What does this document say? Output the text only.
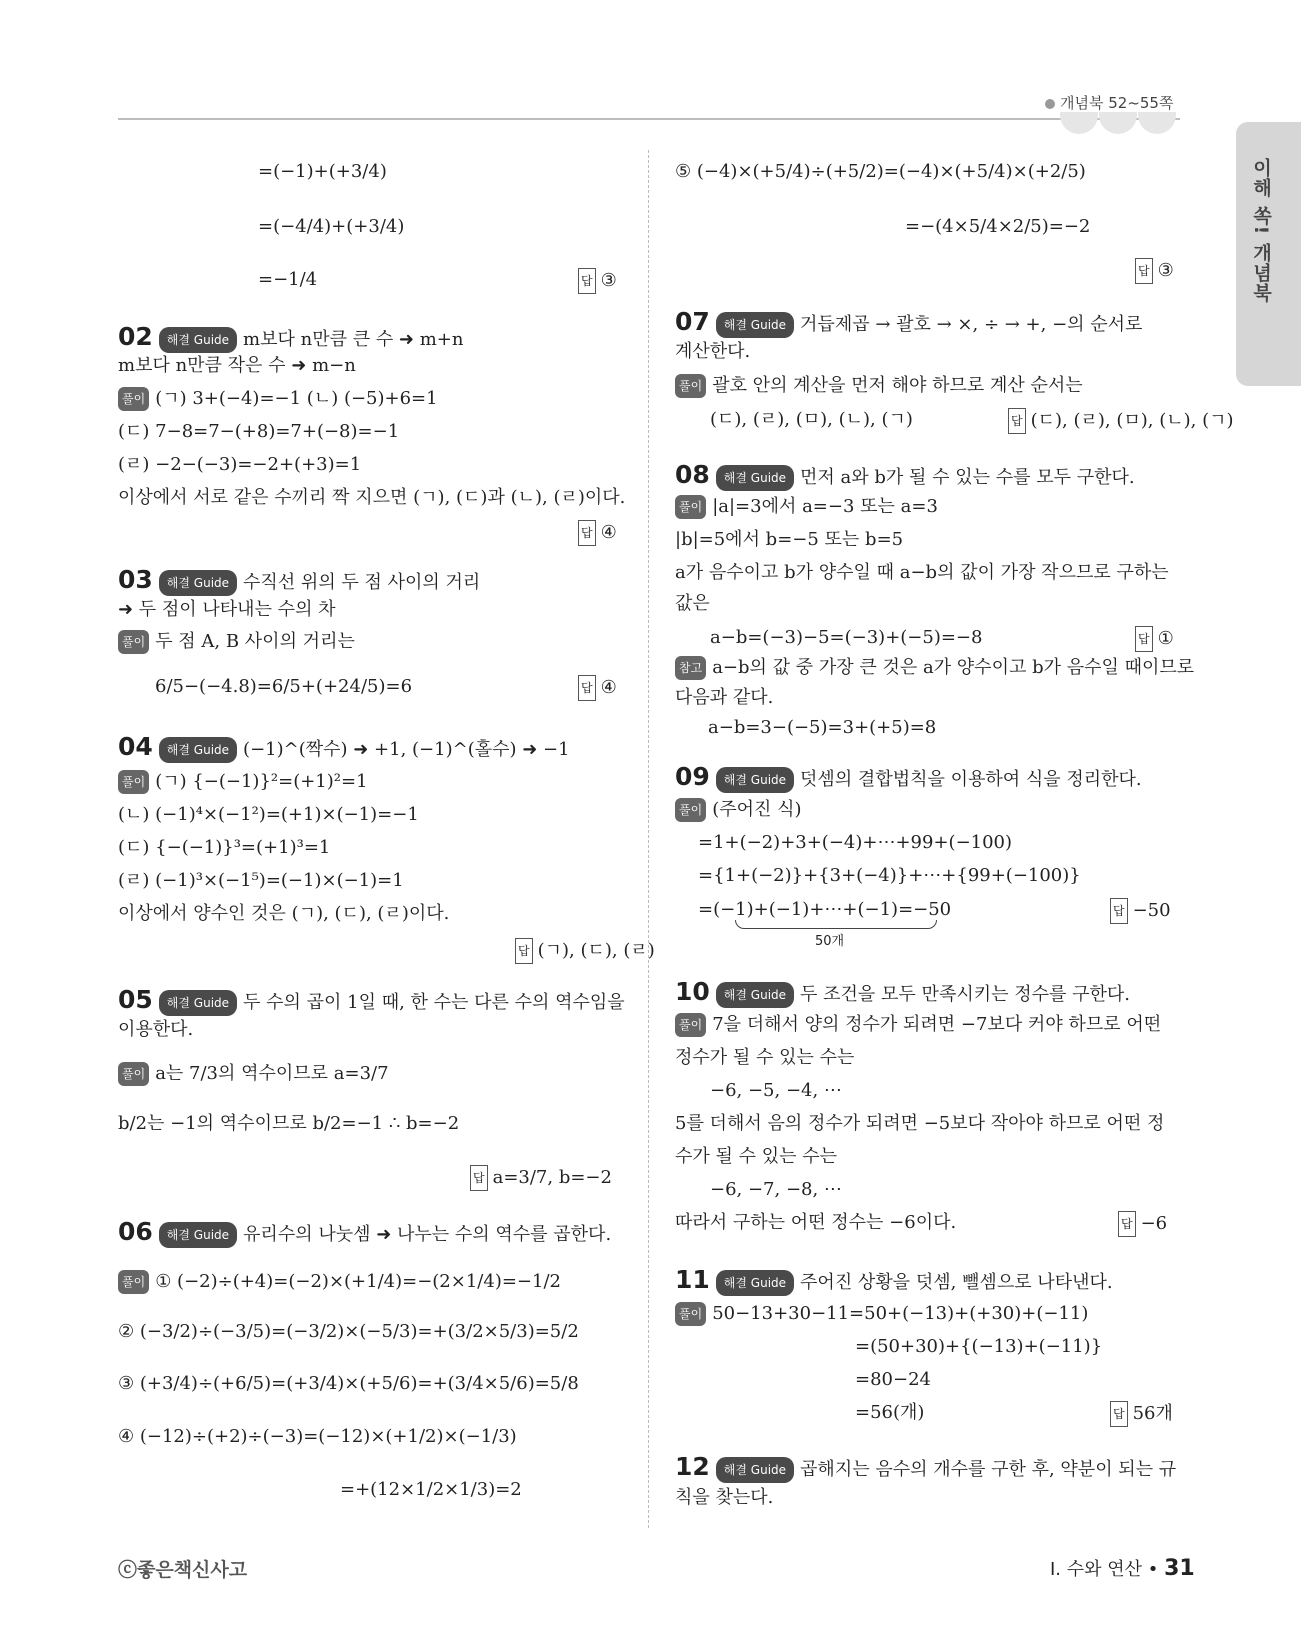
개념북 52~55쪽
이해 쏙! 개념북
=(−1)+(+3/4)
=(−4/4)+(+3/4)
=−1/4	답 ③
02 해결 Guide m보다 n만큼 큰 수 ➜ m+n
m보다 n만큼 작은 수 ➜ m−n
풀이 (ㄱ) 3+(−4)=−1 (ㄴ) (−5)+6=1
(ㄷ) 7−8=7−(+8)=7+(−8)=−1
(ㄹ) −2−(−3)=−2+(+3)=1
이상에서 서로 같은 수끼리 짝 지으면 (ㄱ), (ㄷ)과 (ㄴ), (ㄹ)이다.
답 ④
03 해결 Guide 수직선 위의 두 점 사이의 거리
➜ 두 점이 나타내는 수의 차
풀이 두 점 A, B 사이의 거리는
6/5−(−4.8)=6/5+(+24/5)=6	답 ④
04 해결 Guide (−1)^(짝수) ➜ +1, (−1)^(홀수) ➜ −1
풀이 (ㄱ) {−(−1)}²=(+1)²=1
(ㄴ) (−1)⁴×(−1²)=(+1)×(−1)=−1
(ㄷ) {−(−1)}³=(+1)³=1
(ㄹ) (−1)³×(−1⁵)=(−1)×(−1)=1
이상에서 양수인 것은 (ㄱ), (ㄷ), (ㄹ)이다.
답 (ㄱ), (ㄷ), (ㄹ)
05 해결 Guide 두 수의 곱이 1일 때, 한 수는 다른 수의 역수임을
이용한다.
풀이 a는 7/3의 역수이므로 a=3/7
b/2는 −1의 역수이므로 b/2=−1 ∴ b=−2
답 a=3/7, b=−2
06 해결 Guide 유리수의 나눗셈 ➜ 나누는 수의 역수를 곱한다.
풀이 ① (−2)÷(+4)=(−2)×(+1/4)=−(2×1/4)=−1/2
② (−3/2)÷(−3/5)=(−3/2)×(−5/3)=+(3/2×5/3)=5/2
③ (+3/4)÷(+6/5)=(+3/4)×(+5/6)=+(3/4×5/6)=5/8
④ (−12)÷(+2)÷(−3)=(−12)×(+1/2)×(−1/3)
=+(12×1/2×1/3)=2
⑤ (−4)×(+5/4)÷(+5/2)=(−4)×(+5/4)×(+2/5)
=−(4×5/4×2/5)=−2
답 ③
07 해결 Guide 거듭제곱 → 괄호 → ×, ÷ → +, −의 순서로
계산한다.
풀이 괄호 안의 계산을 먼저 해야 하므로 계산 순서는
(ㄷ), (ㄹ), (ㅁ), (ㄴ), (ㄱ)	답 (ㄷ), (ㄹ), (ㅁ), (ㄴ), (ㄱ)
08 해결 Guide 먼저 a와 b가 될 수 있는 수를 모두 구한다.
풀이 |a|=3에서 a=−3 또는 a=3
|b|=5에서 b=−5 또는 b=5
a가 음수이고 b가 양수일 때 a−b의 값이 가장 작으므로 구하는
값은
a−b=(−3)−5=(−3)+(−5)=−8	답 ①
참고 a−b의 값 중 가장 큰 것은 a가 양수이고 b가 음수일 때이므로
다음과 같다.
a−b=3−(−5)=3+(+5)=8
09 해결 Guide 덧셈의 결합법칙을 이용하여 식을 정리한다.
풀이 (주어진 식)
=1+(−2)+3+(−4)+⋯+99+(−100)
={1+(−2)}+{3+(−4)}+⋯+{99+(−100)}
=(−1)+(−1)+⋯+(−1)=−50
50개
답 −50
10 해결 Guide 두 조건을 모두 만족시키는 정수를 구한다.
풀이 7을 더해서 양의 정수가 되려면 −7보다 커야 하므로 어떤
정수가 될 수 있는 수는
−6, −5, −4, ⋯
5를 더해서 음의 정수가 되려면 −5보다 작아야 하므로 어떤 정
수가 될 수 있는 수는
−6, −7, −8, ⋯
따라서 구하는 어떤 정수는 −6이다.	답 −6
11 해결 Guide 주어진 상황을 덧셈, 뺄셈으로 나타낸다.
풀이 50−13+30−11=50+(−13)+(+30)+(−11)
=(50+30)+{(−13)+(−11)}
=80−24
=56(개)	답 56개
12 해결 Guide 곱해지는 음수의 개수를 구한 후, 약분이 되는 규
칙을 찾는다.
ⓒ좋은책신사고	Ⅰ. 수와 연산 • 31
